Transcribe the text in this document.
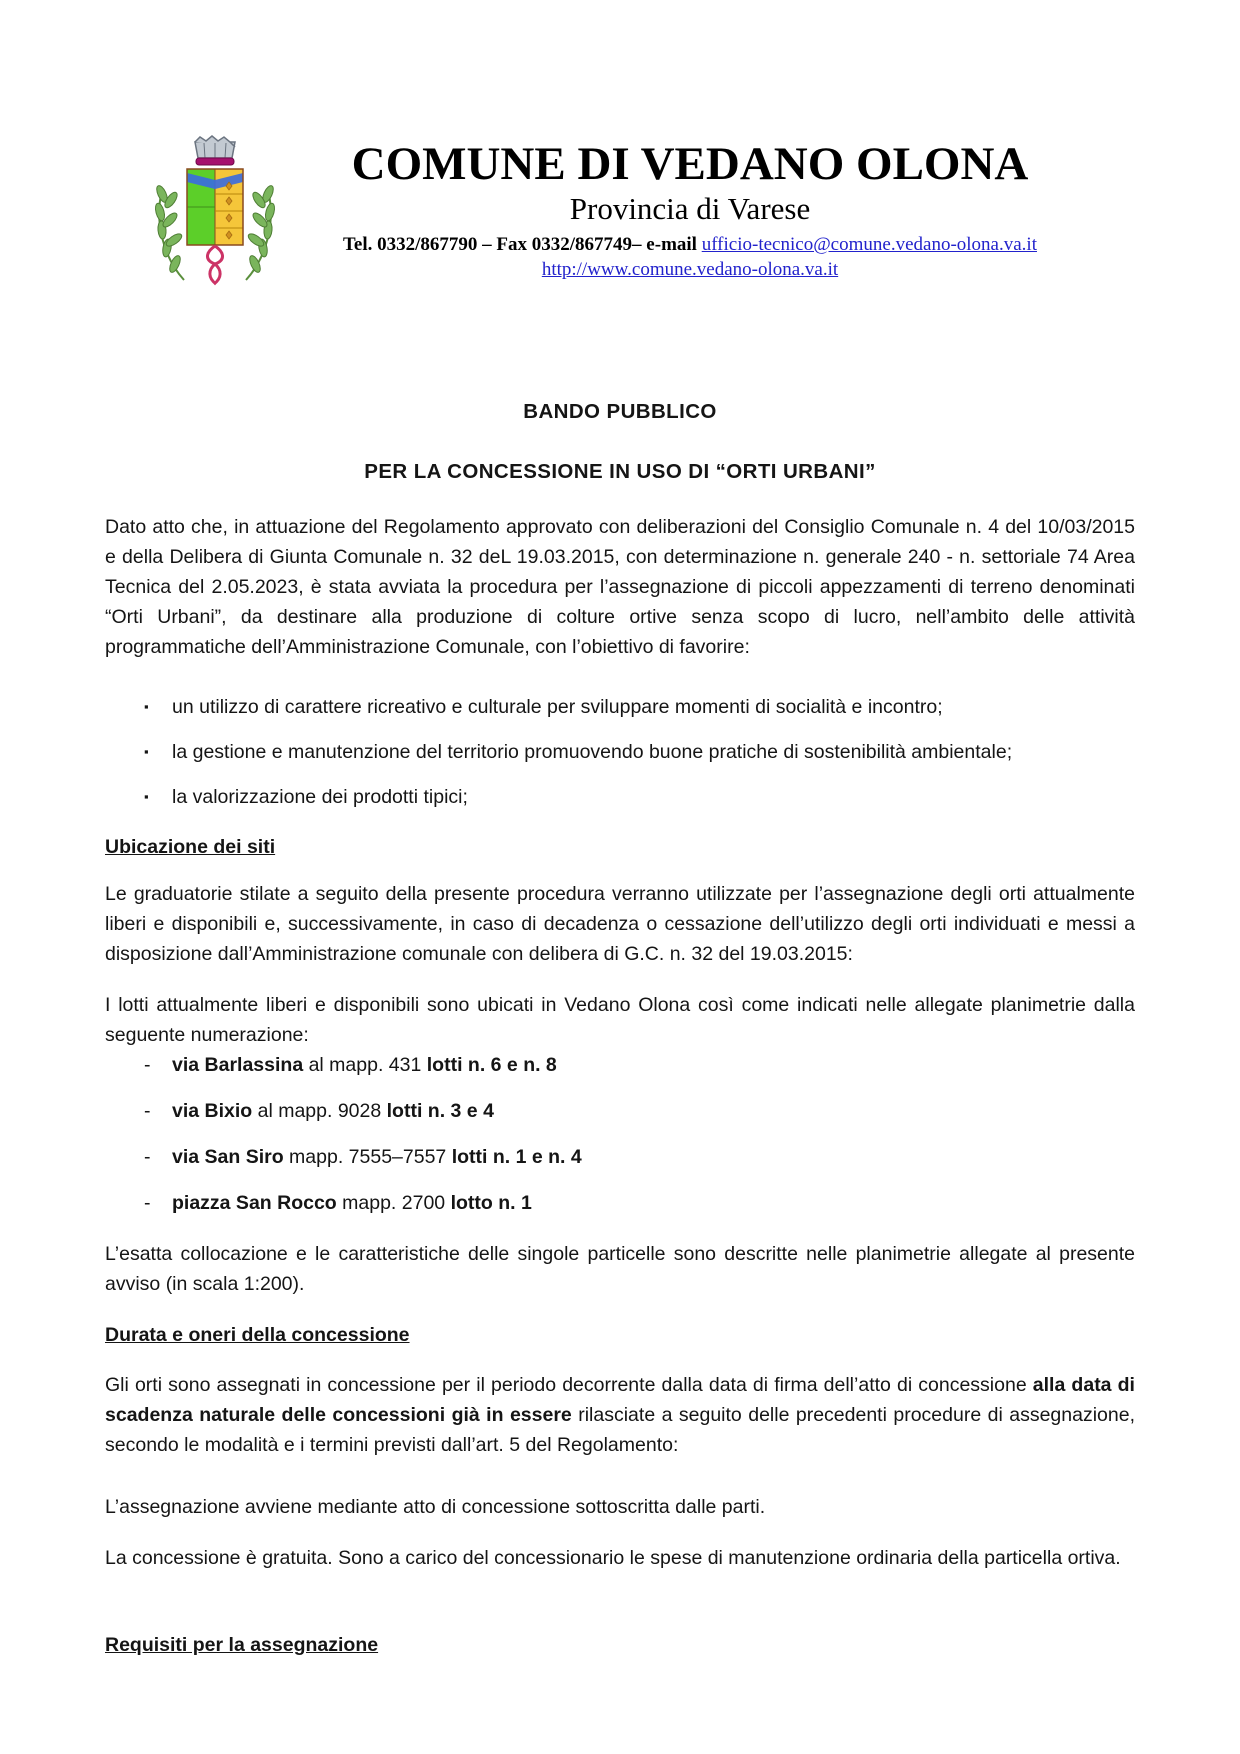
COMUNE DI VEDANO OLONA
Provincia di Varese
Tel. 0332/867790 – Fax 0332/867749– e-mail ufficio-tecnico@comune.vedano-olona.va.it
http://www.comune.vedano-olona.va.it
BANDO PUBBLICO
PER LA CONCESSIONE IN USO DI “ORTI URBANI”

Dato atto che, in attuazione del Regolamento approvato con deliberazioni del Consiglio Comunale n. 4 del 10/03/2015 e della Delibera di Giunta Comunale n. 32 deL 19.03.2015, con determinazione n. generale 240 - n. settoriale 74 Area Tecnica del 2.05.2023, è stata avviata la procedura per l’assegnazione di piccoli appezzamenti di terreno denominati “Orti Urbani”, da destinare alla produzione di colture ortive senza scopo di lucro, nell’ambito delle attività programmatiche dell’Amministrazione Comunale, con l’obiettivo di favorire:

▪	un utilizzo di carattere ricreativo e culturale per sviluppare momenti di socialità e incontro;
▪	la gestione e manutenzione del territorio promuovendo buone pratiche di sostenibilità ambientale;
▪	la valorizzazione dei prodotti tipici;
Ubicazione dei siti

Le graduatorie stilate a seguito della presente procedura verranno utilizzate per l’assegnazione degli orti attualmente liberi e disponibili e, successivamente, in caso di decadenza o cessazione dell’utilizzo degli orti individuati e messi a disposizione dall’Amministrazione comunale con delibera di G.C. n. 32 del 19.03.2015:

I lotti attualmente liberi e disponibili sono ubicati in Vedano Olona così come indicati nelle allegate planimetrie dalla seguente numerazione:

-	via Barlassina al mapp. 431 lotti n. 6 e n. 8
-	via Bixio al mapp. 9028 lotti n. 3 e 4
-	via San Siro mapp. 7555–7557 lotti n. 1 e n. 4
-	piazza San Rocco mapp. 2700 lotto n. 1

L’esatta collocazione e le caratteristiche delle singole particelle sono descritte nelle planimetrie allegate al presente avviso (in scala 1:200).

Durata e oneri della concessione

Gli orti sono assegnati in concessione per il periodo decorrente dalla data di firma dell’atto di concessione alla data di scadenza naturale delle concessioni già in essere rilasciate a seguito delle precedenti procedure di assegnazione, secondo le modalità e i termini previsti dall’art. 5 del Regolamento:

L’assegnazione avviene mediante atto di concessione sottoscritta dalle parti.

La concessione è gratuita. Sono a carico del concessionario le spese di manutenzione ordinaria della particella ortiva.

Requisiti per la assegnazione
